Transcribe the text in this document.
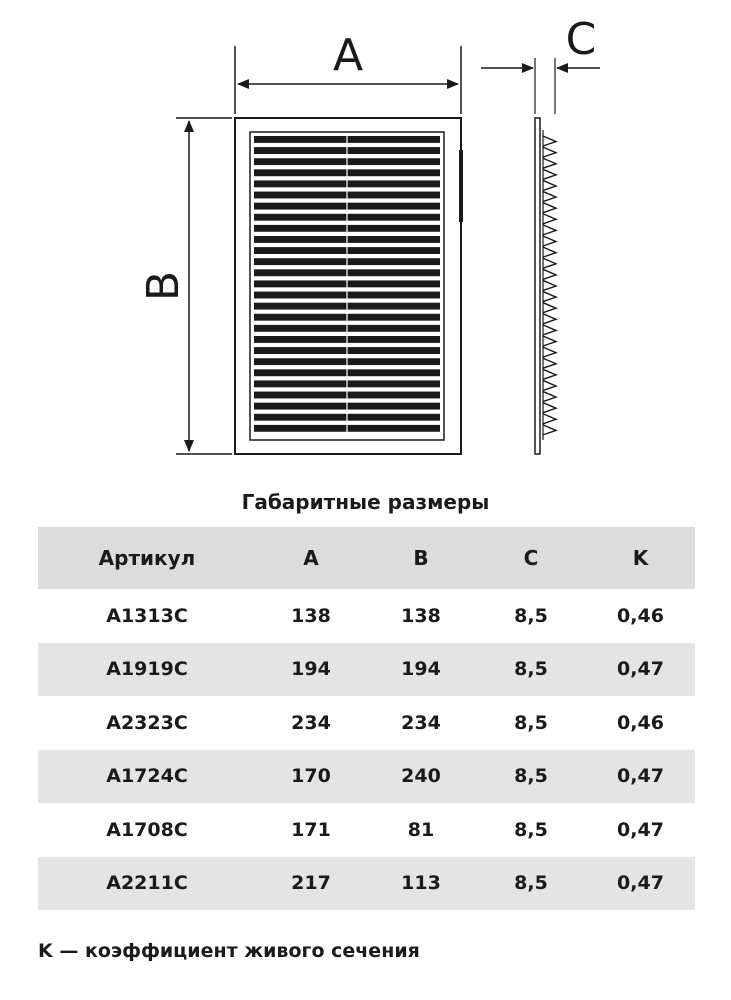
A
B
C
Габаритные размеры
Артикул	A	B	C	K
A1313C	138	138	8,5	0,46
A1919C	194	194	8,5	0,47
A2323C	234	234	8,5	0,46
A1724C	170	240	8,5	0,47
A1708C	171	81	8,5	0,47
A2211C	217	113	8,5	0,47
K — коэффициент живого сечения
